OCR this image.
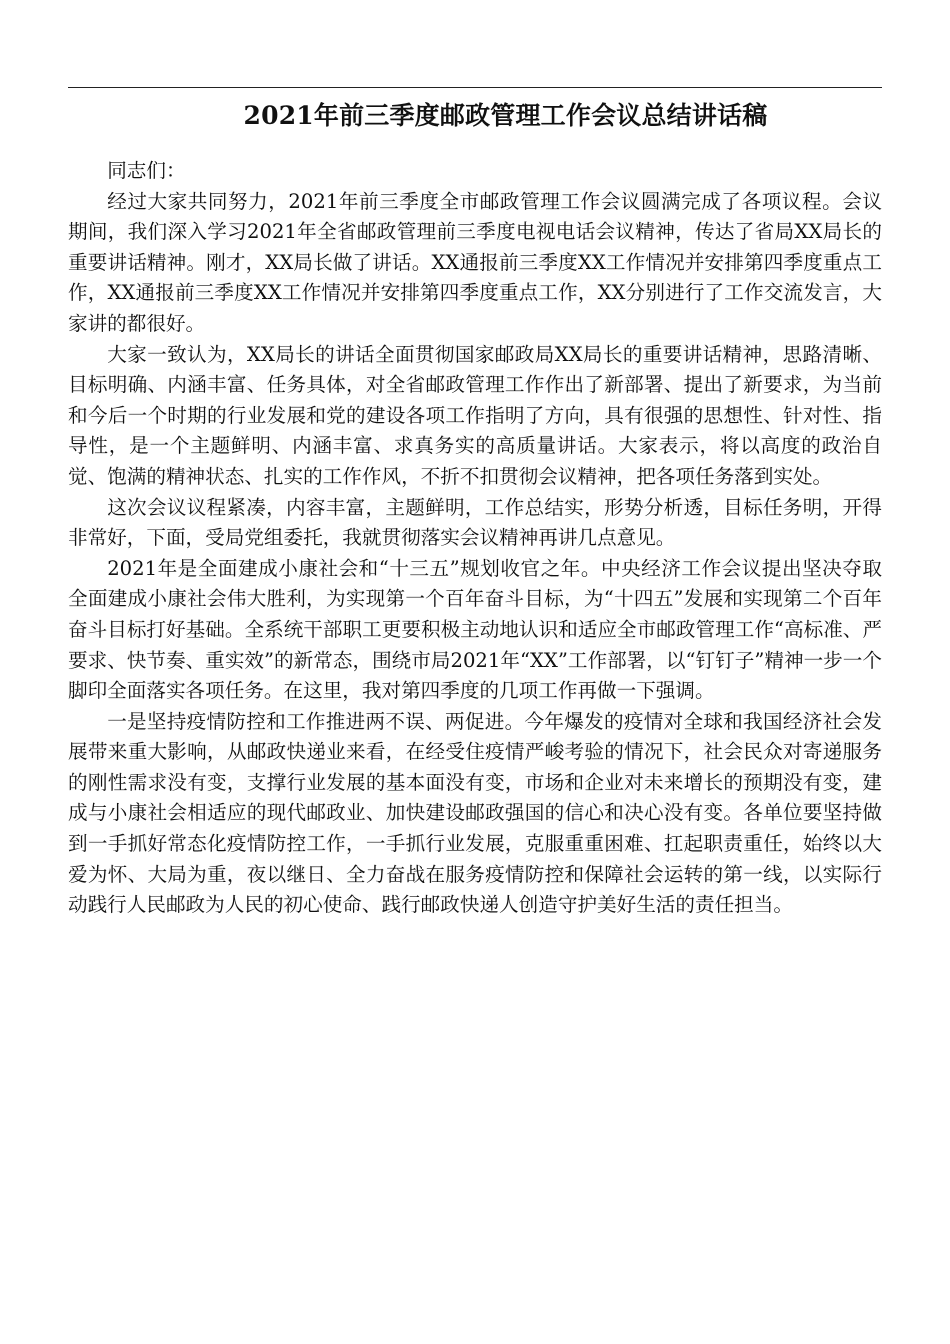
2021年前三季度邮政管理工作会议总结讲话稿

同志们：

经过大家共同努力，2021年前三季度全市邮政管理工作会议圆满完成了各项议程。会议期间，我们深入学习2021年全省邮政管理前三季度电视电话会议精神，传达了省局XX局长的重要讲话精神。刚才，XX局长做了讲话。XX通报前三季度XX工作情况并安排第四季度重点工作，XX通报前三季度XX工作情况并安排第四季度重点工作，XX分别进行了工作交流发言，大家讲的都很好。

大家一致认为，XX局长的讲话全面贯彻国家邮政局XX局长的重要讲话精神，思路清晰、目标明确、内涵丰富、任务具体，对全省邮政管理工作作出了新部署、提出了新要求，为当前和今后一个时期的行业发展和党的建设各项工作指明了方向，具有很强的思想性、针对性、指导性，是一个主题鲜明、内涵丰富、求真务实的高质量讲话。大家表示，将以高度的政治自觉、饱满的精神状态、扎实的工作作风，不折不扣贯彻会议精神，把各项任务落到实处。

这次会议议程紧凑，内容丰富，主题鲜明，工作总结实，形势分析透，目标任务明，开得非常好，下面，受局党组委托，我就贯彻落实会议精神再讲几点意见。

2021年是全面建成小康社会和“十三五”规划收官之年。中央经济工作会议提出坚决夺取全面建成小康社会伟大胜利，为实现第一个百年奋斗目标，为“十四五”发展和实现第二个百年奋斗目标打好基础。全系统干部职工更要积极主动地认识和适应全市邮政管理工作“高标准、严要求、快节奏、重实效”的新常态，围绕市局2021年“XX”工作部署，以“钉钉子”精神一步一个脚印全面落实各项任务。在这里，我对第四季度的几项工作再做一下强调。

一是坚持疫情防控和工作推进两不误、两促进。今年爆发的疫情对全球和我国经济社会发展带来重大影响，从邮政快递业来看，在经受住疫情严峻考验的情况下，社会民众对寄递服务的刚性需求没有变，支撑行业发展的基本面没有变，市场和企业对未来增长的预期没有变，建成与小康社会相适应的现代邮政业、加快建设邮政强国的信心和决心没有变。各单位要坚持做到一手抓好常态化疫情防控工作，一手抓行业发展，克服重重困难、扛起职责重任，始终以大爱为怀、大局为重，夜以继日、全力奋战在服务疫情防控和保障社会运转的第一线，以实际行动践行人民邮政为人民的初心使命、践行邮政快递人创造守护美好生活的责任担当。
